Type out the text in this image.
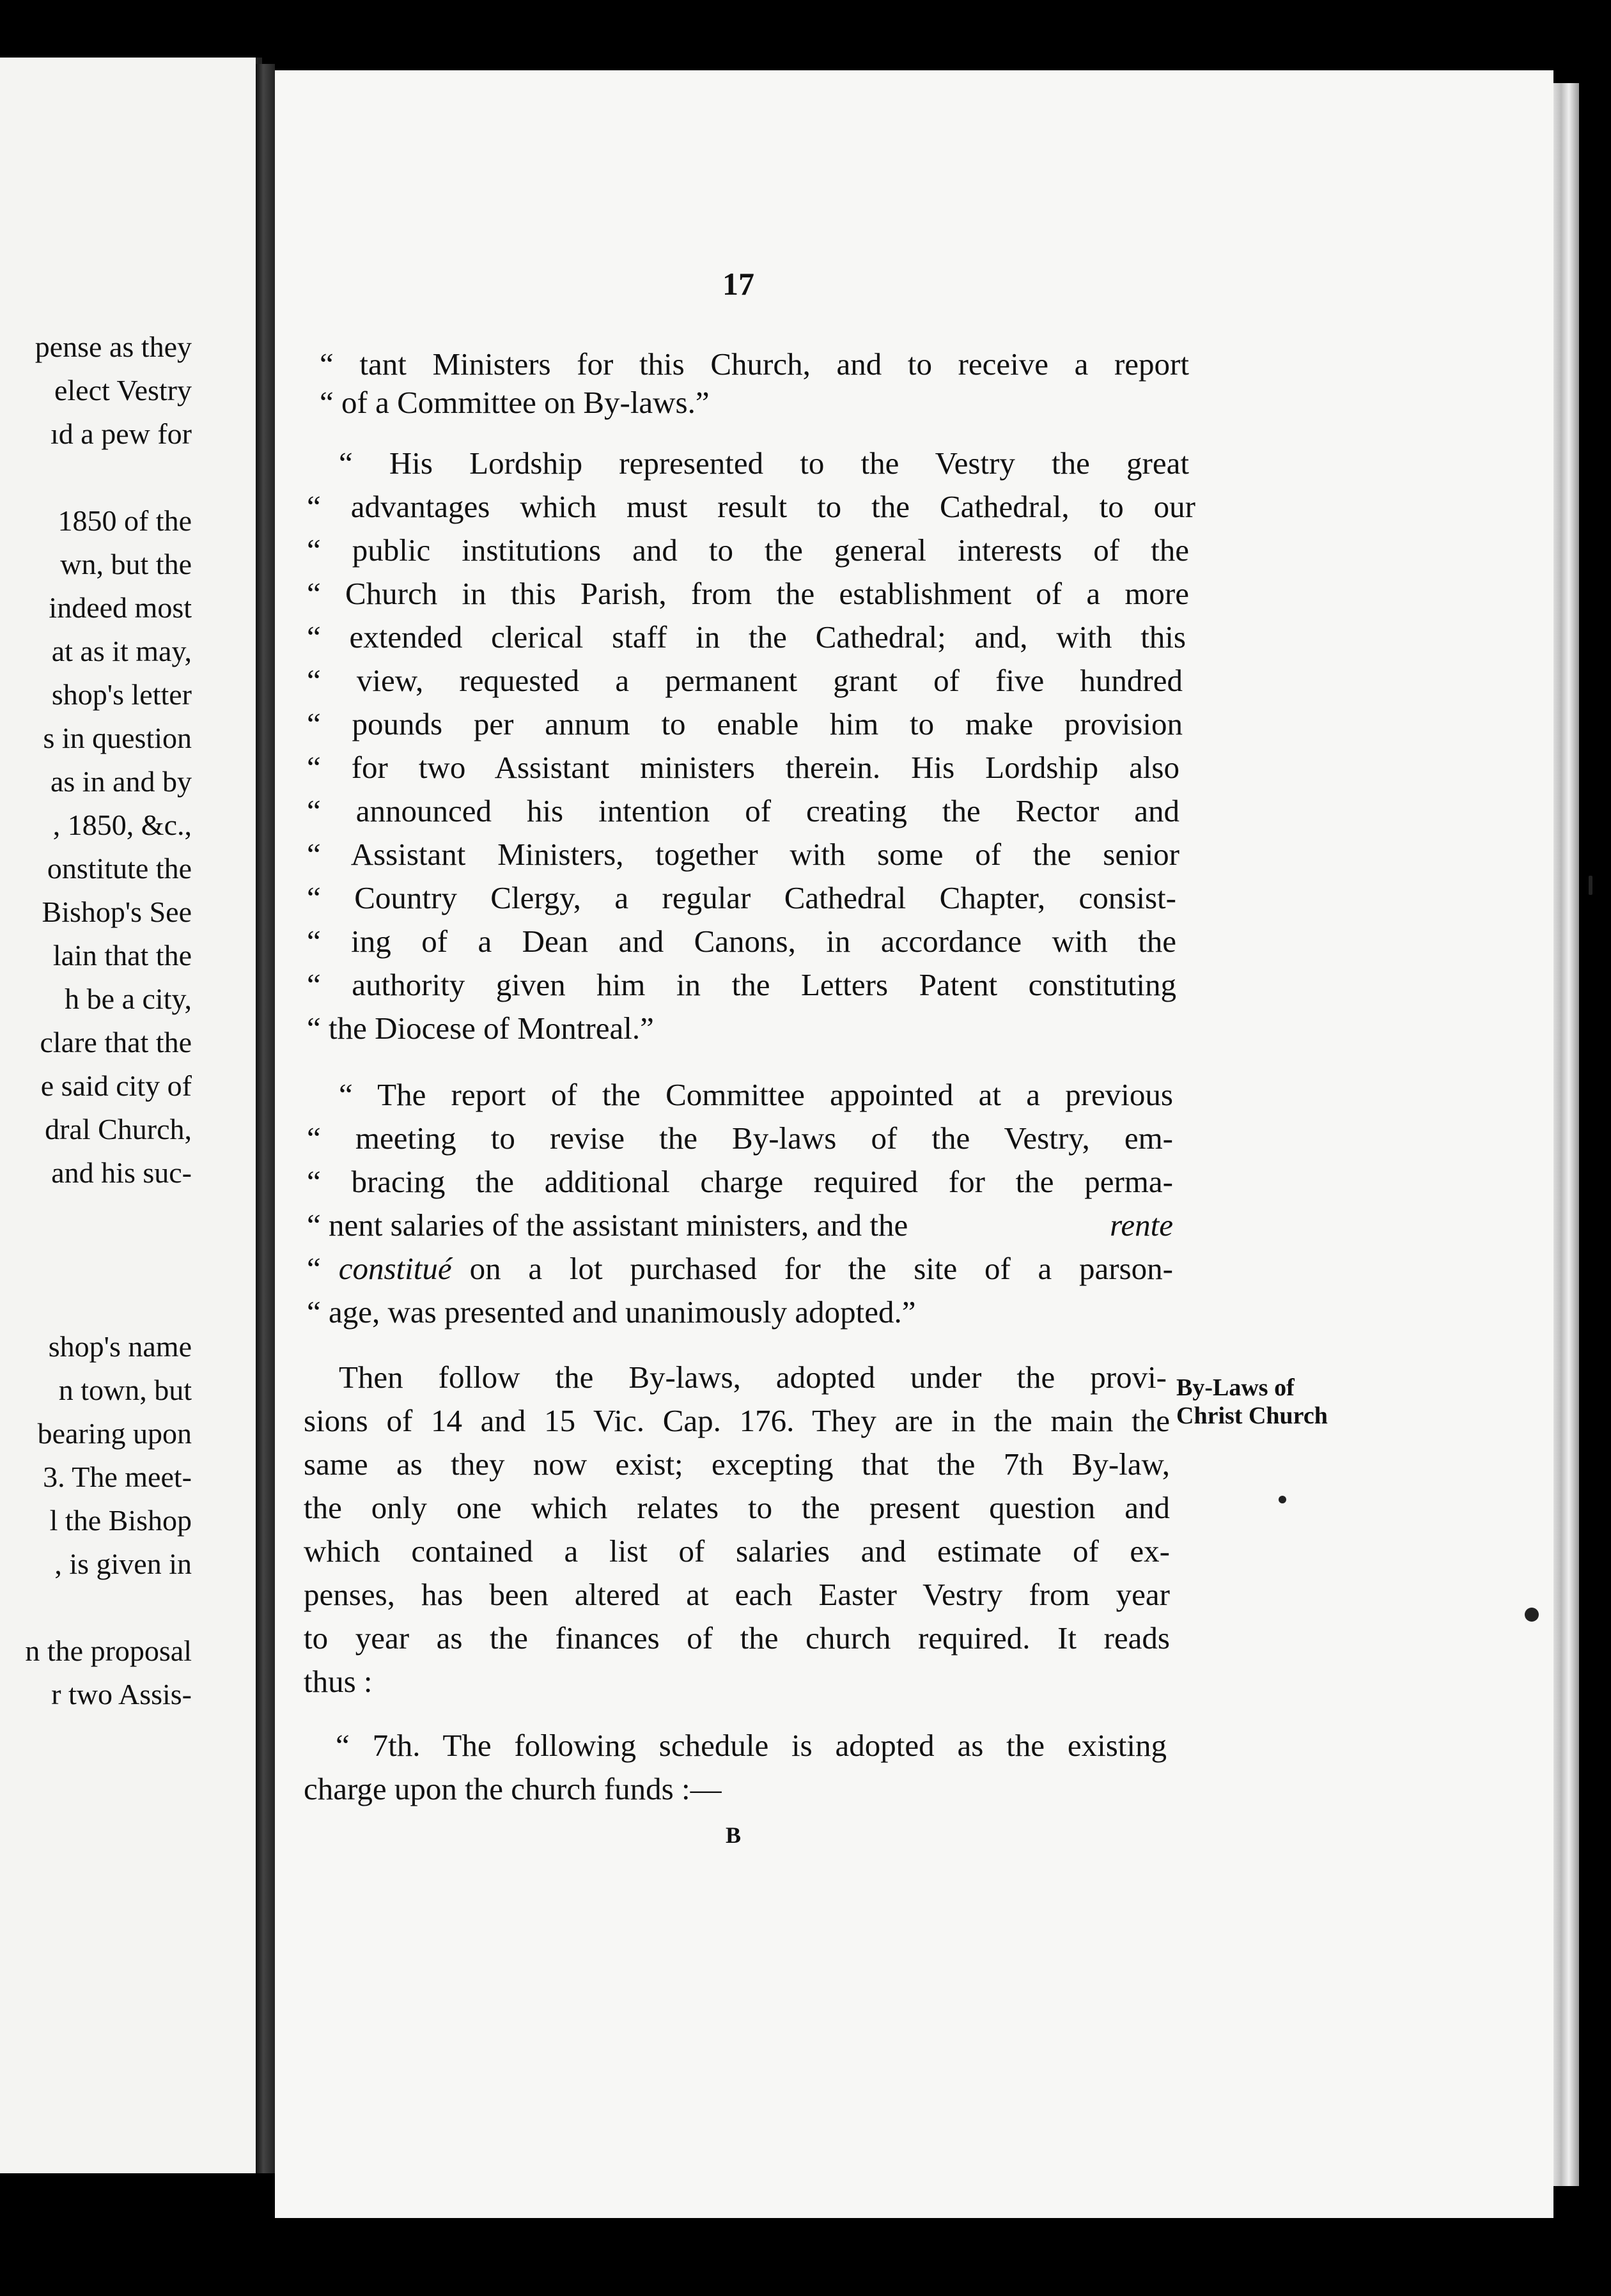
pense as they
elect Vestry
ıd a pew for
1850 of the
wn, but the
indeed most
at as it may,
shop's letter
s in question
as in and by
, 1850, &c.,
onstitute the
Bishop's See
lain that the
h be a city,
clare that the
e said city of
dral Church,
and his suc-
shop's name
n town, but
bearing upon
3. The meet-
l the Bishop
, is given in
n the proposal
r two Assis-
17
“ tant Ministers for this Church, and to receive a report
“ of a Committee on By-laws.”
“ His Lordship represented to the Vestry the great
“ advantages which must result to the Cathedral, to our
“ public institutions and to the general interests of the
“ Church in this Parish, from the establishment of a more
“ extended clerical staff in the Cathedral; and, with this
“ view, requested a permanent grant of five hundred
“ pounds per annum to enable him to make provision
“ for two Assistant ministers therein. His Lordship also
“ announced his intention of creating the Rector and
“ Assistant Ministers, together with some of the senior
“ Country Clergy, a regular Cathedral Chapter, consist-
“ ing of a Dean and Canons, in accordance with the
“ authority given him in the Letters Patent constituting
“ the Diocese of Montreal.”
“ The report of the Committee appointed at a previous
“ meeting to revise the By-laws of the Vestry, em-
“ bracing the additional charge required for the perma-
“ nent salaries of the assistant ministers, and the	rente
“ constitué on a lot purchased for the site of a parson-
“ age, was presented and unanimously adopted.”
Then follow the By-laws, adopted under the provi-
sions of 14 and 15 Vic. Cap. 176. They are in the main the
same as they now exist; excepting that the 7th By-law,
the only one which relates to the present question and
which contained a list of salaries and estimate of ex-
penses, has been altered at each Easter Vestry from year
to year as the finances of the church required. It reads
thus :
“ 7th. The following schedule is adopted as the existing
charge upon the church funds :—
By-Laws of
Christ Church
B
